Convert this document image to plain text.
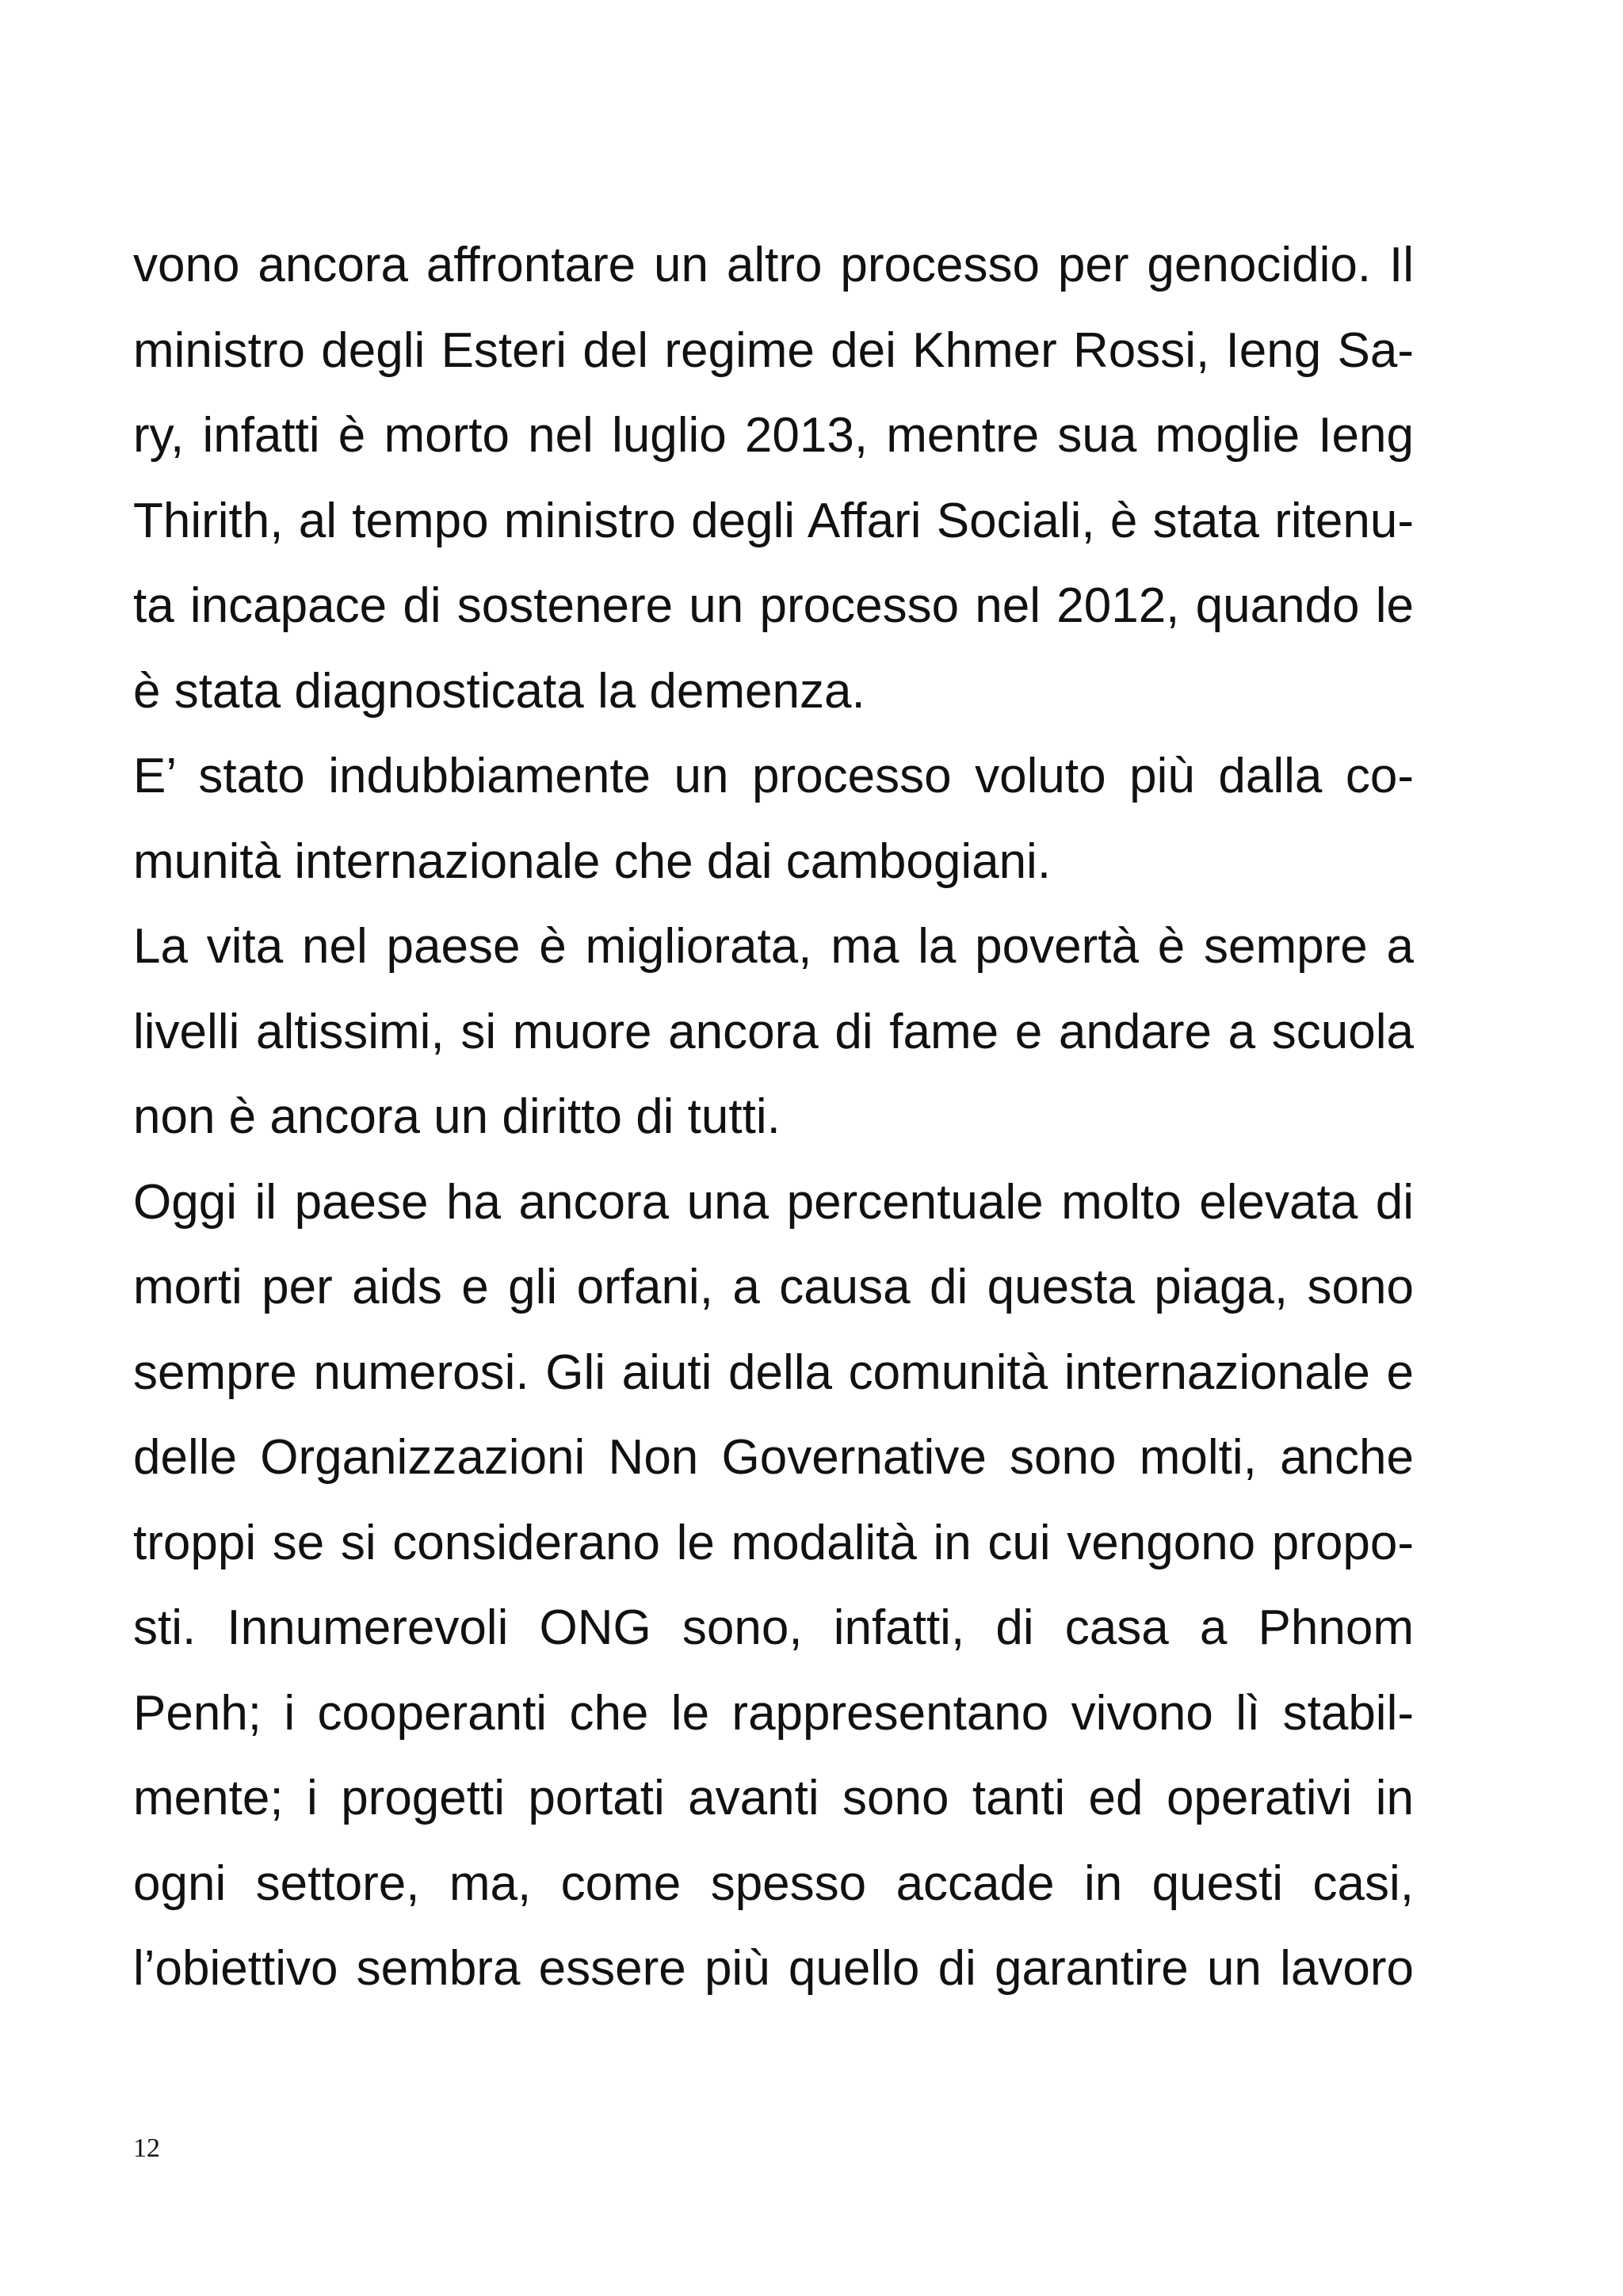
vono ancora affrontare un altro processo per genocidio. Il
ministro degli Esteri del regime dei Khmer Rossi, Ieng Sa-
ry, infatti è morto nel luglio 2013, mentre sua moglie Ieng
Thirith, al tempo ministro degli Affari Sociali, è stata ritenu-
ta incapace di sostenere un processo nel 2012, quando le
è stata diagnosticata la demenza.
E’ stato indubbiamente un processo voluto più dalla co-
munità internazionale che dai cambogiani.
La vita nel paese è migliorata, ma la povertà è sempre a
livelli altissimi, si muore ancora di fame e andare a scuola
non è ancora un diritto di tutti.
Oggi il paese ha ancora una percentuale molto elevata di
morti per aids e gli orfani, a causa di questa piaga, sono
sempre numerosi. Gli aiuti della comunità internazionale e
delle Organizzazioni Non Governative sono molti, anche
troppi se si considerano le modalità in cui vengono propo-
sti. Innumerevoli ONG sono, infatti, di casa a Phnom
Penh; i cooperanti che le rappresentano vivono lì stabil-
mente; i progetti portati avanti sono tanti ed operativi in
ogni settore, ma, come spesso accade in questi casi,
l’obiettivo sembra essere più quello di garantire un lavoro
12
